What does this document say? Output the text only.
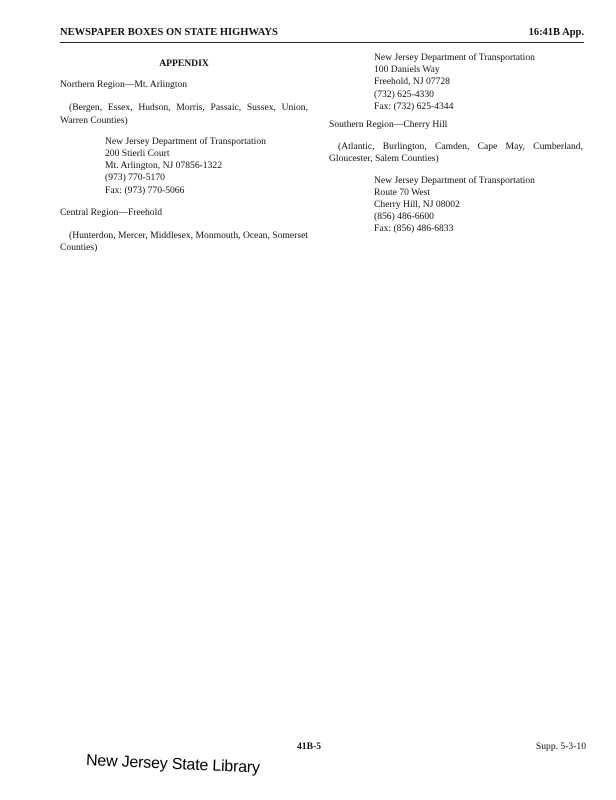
NEWSPAPER BOXES ON STATE HIGHWAYS	16:41B App.
APPENDIX
Northern Region—Mt. Arlington
(Bergen, Essex, Hudson, Morris, Passaic, Sussex, Union, Warren Counties)
New Jersey Department of Transportation
200 Stierli Court
Mt. Arlington, NJ 07856-1322
(973) 770-5170
Fax: (973) 770-5066
Central Region—Freehold
(Hunterdon, Mercer, Middlesex, Monmouth, Ocean, Somerset Counties)
New Jersey Department of Transportation
100 Daniels Way
Freehold, NJ 07728
(732) 625-4330
Fax: (732) 625-4344
Southern Region—Cherry Hill
(Atlantic, Burlington, Camden, Cape May, Cumberland, Gloucester, Salem Counties)
New Jersey Department of Transportation
Route 70 West
Cherry Hill, NJ 08002
(856) 486-6600
Fax: (856) 486-6833
New Jersey State Library
41B-5	Supp. 5-3-10
